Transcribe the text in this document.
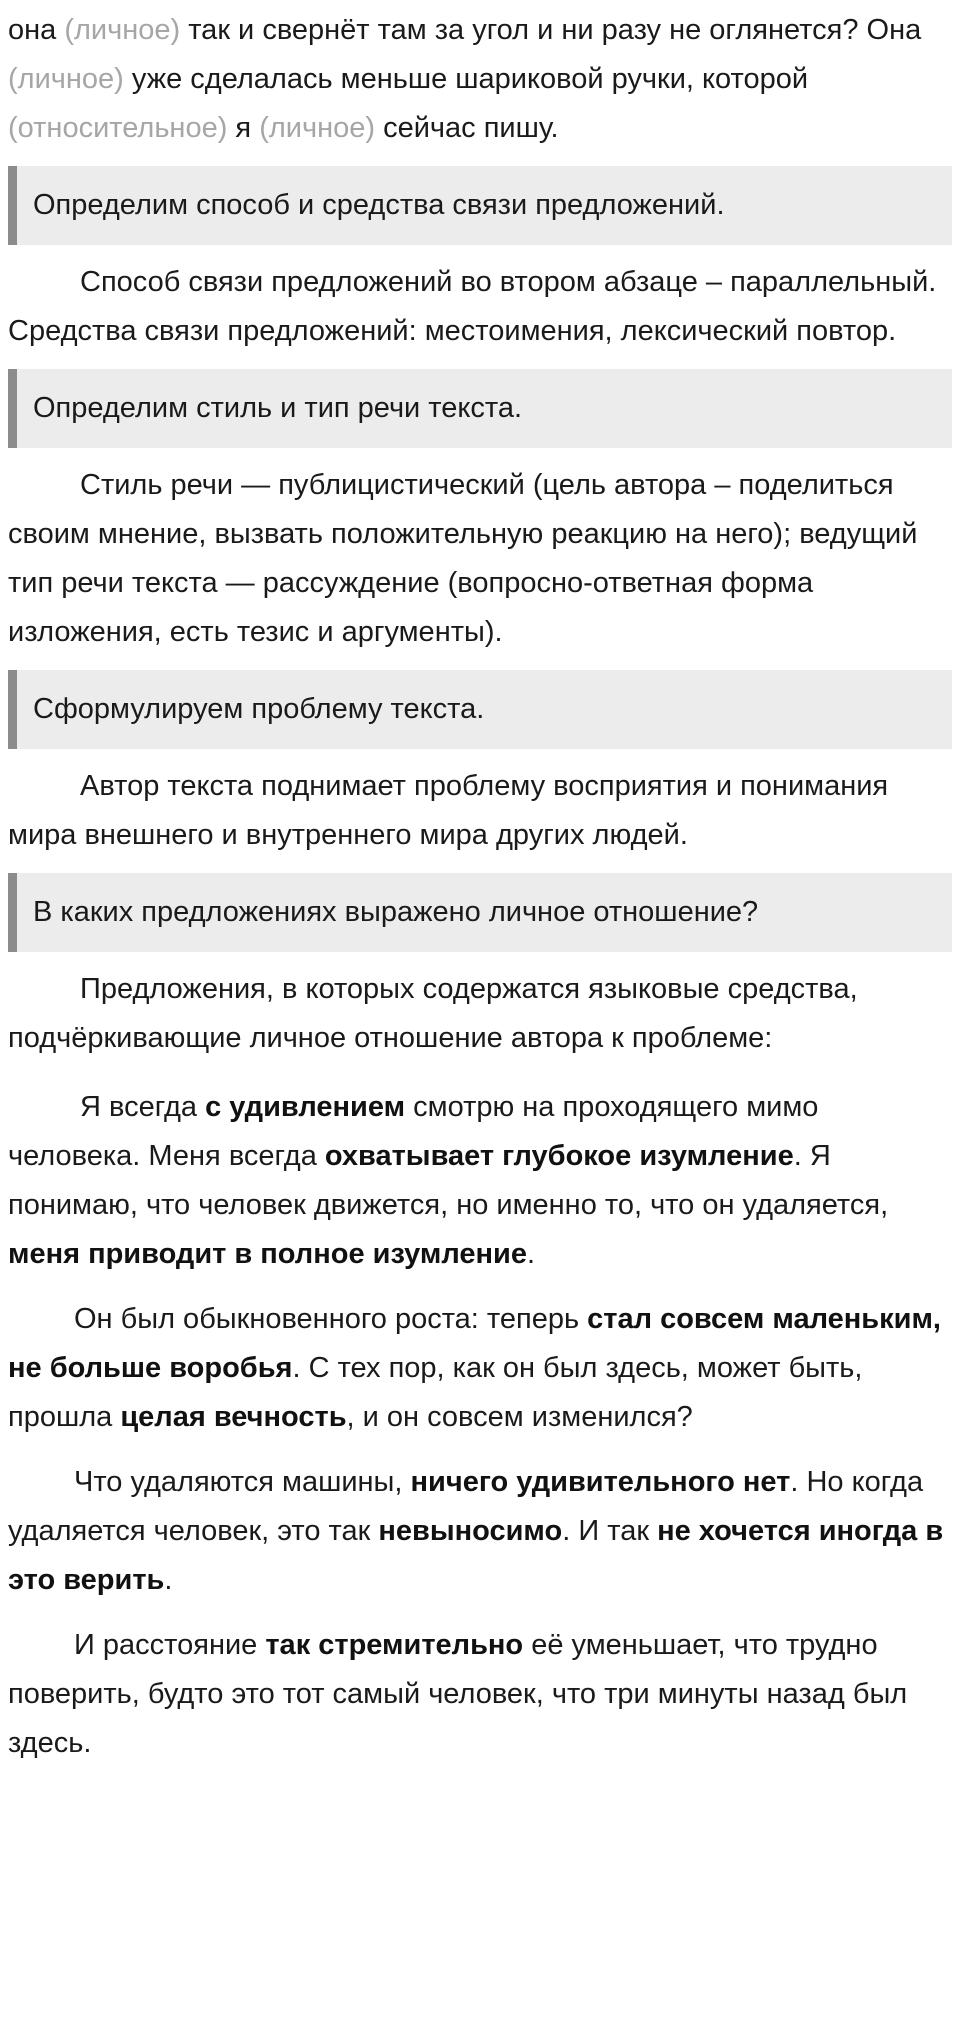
она (личное) так и свернёт там за угол и ни разу не оглянется? Она (личное) уже сделалась меньше шариковой ручки, которой (относительное) я (личное) сейчас пишу.

Определим способ и средства связи предложений.

Способ связи предложений во втором абзаце – параллельный. Средства связи предложений: местоимения, лексический повтор.

Определим стиль и тип речи текста.

Стиль речи — публицистический (цель автора – поделиться своим мнение, вызвать положительную реакцию на него); ведущий тип речи текста — рассуждение (вопросно-ответная форма изложения, есть тезис и аргументы).

Сформулируем проблему текста.

Автор текста поднимает проблему восприятия и понимания мира внешнего и внутреннего мира других людей.

В каких предложениях выражено личное отношение?

Предложения, в которых содержатся языковые средства, подчёркивающие личное отношение автора к проблеме:

Я всегда с удивлением смотрю на проходящего мимо человека. Меня всегда охватывает глубокое изумление. Я понимаю, что человек движется, но именно то, что он удаляется, меня приводит в полное изумление.

Он был обыкновенного роста: теперь стал совсем маленьким, не больше воробья. С тех пор, как он был здесь, может быть, прошла целая вечность, и он совсем изменился?

Что удаляются машины, ничего удивительного нет. Но когда удаляется человек, это так невыносимо. И так не хочется иногда в это верить.

И расстояние так стремительно её уменьшает, что трудно поверить, будто это тот самый человек, что три минуты назад был здесь.
